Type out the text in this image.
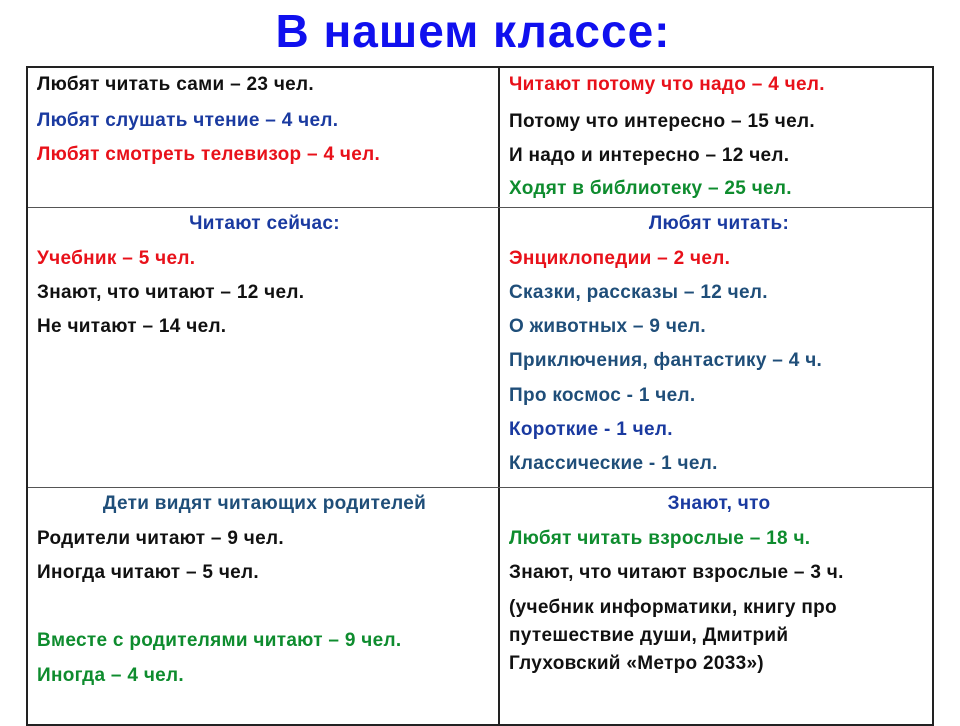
В нашем классе:
Любят читать сами – 23 чел.
Любят слушать чтение – 4 чел.
Любят смотреть телевизор – 4 чел.
Читают потому что надо – 4 чел.
Потому что интересно – 15 чел.
И надо и интересно – 12 чел.
Ходят в библиотеку – 25 чел.
Читают сейчас:
Учебник – 5 чел.
Знают, что читают – 12 чел.
Не читают – 14 чел.
Любят читать:
Энциклопедии – 2 чел.
Сказки, рассказы – 12 чел.
О животных – 9 чел.
Приключения, фантастику – 4 ч.
Про космос - 1 чел.
Короткие - 1 чел.
Классические - 1 чел.
Дети видят читающих родителей
Родители читают – 9 чел.
Иногда читают – 5 чел.
Вместе с родителями читают – 9 чел.
Иногда – 4 чел.
Знают, что
Любят читать взрослые – 18 ч.
Знают, что читают взрослые – 3 ч.
(учебник информатики, книгу про
путешествие души, Дмитрий
Глуховский «Метро 2033»)
